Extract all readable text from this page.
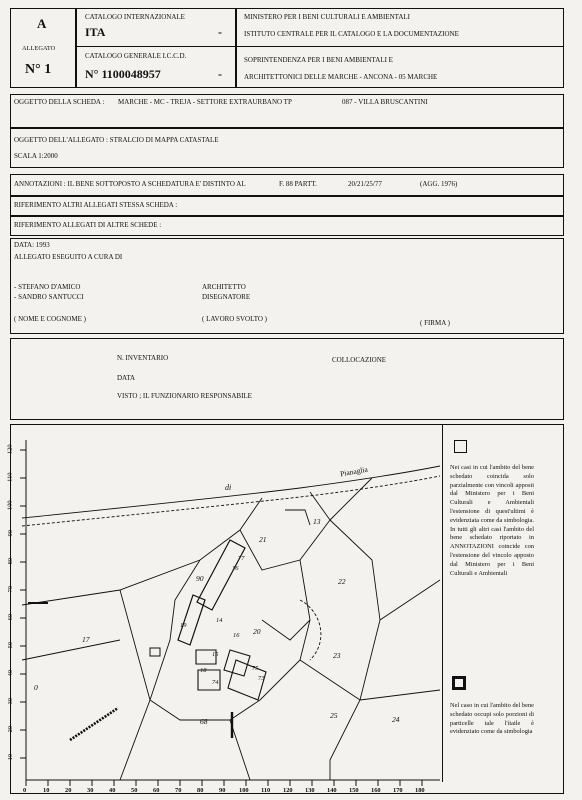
A
ALLEGATO
N° 1
CATALOGO INTERNAZIONALE
ITA	-
CATALOGO GENERALE I.C.C.D.
N° 1100048957	-
MINISTERO PER I BENI CULTURALI E AMBIENTALI
ISTITUTO CENTRALE PER IL CATALOGO E LA DOCUMENTAZIONE
SOPRINTENDENZA PER I BENI AMBIENTALI E
ARCHITETTONICI DELLE MARCHE - ANCONA - 05 MARCHE
OGGETTO DELLA SCHEDA : MARCHE - MC - TREJA - SETTORE EXTRAURBANO TP	087 - VILLA BRUSCANTINI
OGGETTO DELL'ALLEGATO : STRALCIO DI MAPPA CATASTALE
SCALA 1:2000
ANNOTAZIONI : IL BENE SOTTOPOSTO A SCHEDATURA E' DISTINTO AL	F. 88 PARTT.	20/21/25/77	(AGG. 1976)
RIFERIMENTO ALTRI ALLEGATI STESSA SCHEDA :
RIFERIMENTO ALLEGATI DI ALTRE SCHEDE :
DATA: 1993
ALLEGATO ESEGUITO A CURA DI
- STEFANO D'AMICO	ARCHITETTO
- SANDRO SANTUCCI	DISEGNATORE
( NOME E COGNOME )	( LAVORO SVOLTO )	( FIRMA )
N. INVENTARIO	COLLOCAZIONE
DATA
VISTO ; IL FUNZIONARIO RESPONSABILE
di
Pianaglia
13
21
22
90
17
19
14
16 20
23
15
18
74
73
75
0
68
25	24
77
16
120
110
100
90
80
70
60
50
40
30
20
10
0	10 20 30 40 50 60 70 80 90 100 110 120 130 140 150 160 170 180
Nei casi in cui l'ambito del bene schedato coincida solo parzialmente con vincoli apposti dal Ministero per i Beni Culturali e Ambientali l'estensione di quest'ultimi è evidenziata come da simbologia. In tutti gli altri casi l'ambito del bene schedato riportato in ANNOTAZIONI coincide con l'estensione del vincolo apposto dal Ministero per i Beni Culturali e Ambientali
Nel caso in cui l'ambito del bene schedato occupi solo porzioni di particelle tale l'ítaile è evidenziato come da simbologia
